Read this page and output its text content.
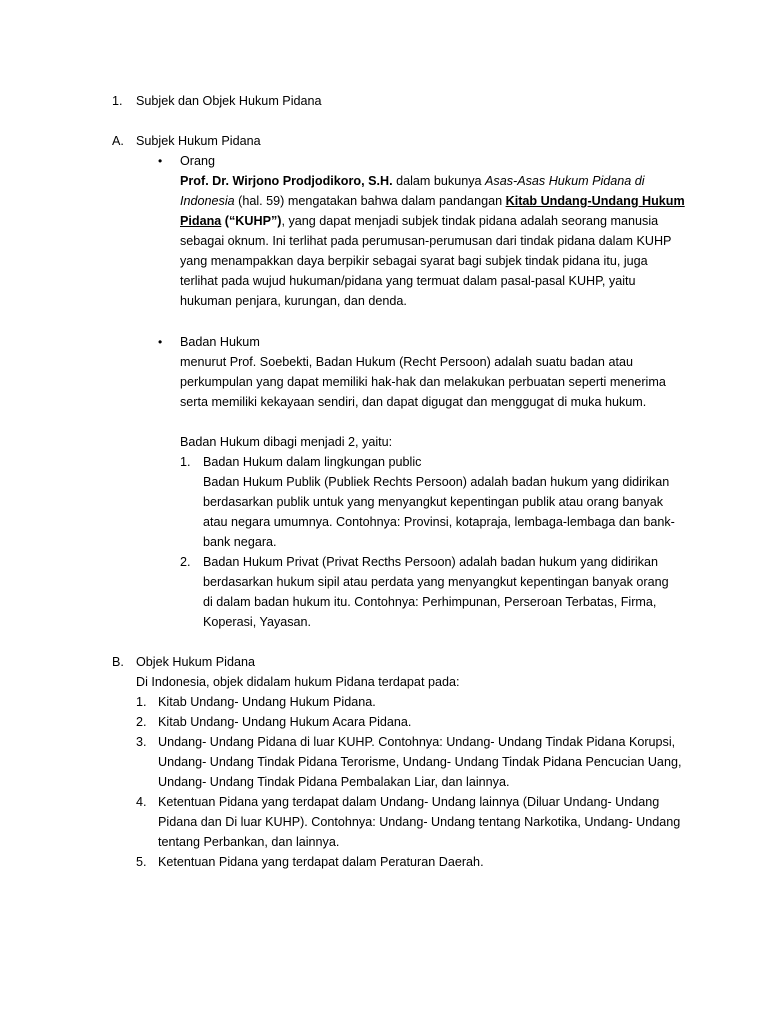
1. Subjek dan Objek Hukum Pidana
A. Subjek Hukum Pidana
• Orang
Prof. Dr. Wirjono Prodjodikoro, S.H. dalam bukunya Asas-Asas Hukum Pidana di
Indonesia (hal. 59) mengatakan bahwa dalam pandangan Kitab Undang-Undang Hukum
Pidana (“KUHP”), yang dapat menjadi subjek tindak pidana adalah seorang manusia
sebagai oknum. Ini terlihat pada perumusan-perumusan dari tindak pidana dalam KUHP
yang menampakkan daya berpikir sebagai syarat bagi subjek tindak pidana itu, juga
terlihat pada wujud hukuman/pidana yang termuat dalam pasal-pasal KUHP, yaitu
hukuman penjara, kurungan, dan denda.
• Badan Hukum
menurut Prof. Soebekti, Badan Hukum (Recht Persoon) adalah suatu badan atau
perkumpulan yang dapat memiliki hak-hak dan melakukan perbuatan seperti menerima
serta memiliki kekayaan sendiri, dan dapat digugat dan menggugat di muka hukum.
Badan Hukum dibagi menjadi 2, yaitu:
1. Badan Hukum dalam lingkungan public
Badan Hukum Publik (Publiek Rechts Persoon) adalah badan hukum yang didirikan
berdasarkan publik untuk yang menyangkut kepentingan publik atau orang banyak
atau negara umumnya. Contohnya: Provinsi, kotapraja, lembaga-lembaga dan bank-
bank negara.
2. Badan Hukum Privat (Privat Recths Persoon) adalah badan hukum yang didirikan
berdasarkan hukum sipil atau perdata yang menyangkut kepentingan banyak orang
di dalam badan hukum itu. Contohnya: Perhimpunan, Perseroan Terbatas, Firma,
Koperasi, Yayasan.
B. Objek Hukum Pidana
Di Indonesia, objek didalam hukum Pidana terdapat pada:
1. Kitab Undang- Undang Hukum Pidana.
2. Kitab Undang- Undang Hukum Acara Pidana.
3. Undang- Undang Pidana di luar KUHP. Contohnya: Undang- Undang Tindak Pidana Korupsi,
Undang- Undang Tindak Pidana Terorisme, Undang- Undang Tindak Pidana Pencucian Uang,
Undang- Undang Tindak Pidana Pembalakan Liar, dan lainnya.
4. Ketentuan Pidana yang terdapat dalam Undang- Undang lainnya (Diluar Undang- Undang
Pidana dan Di luar KUHP). Contohnya: Undang- Undang tentang Narkotika, Undang- Undang
tentang Perbankan, dan lainnya.
5. Ketentuan Pidana yang terdapat dalam Peraturan Daerah.
